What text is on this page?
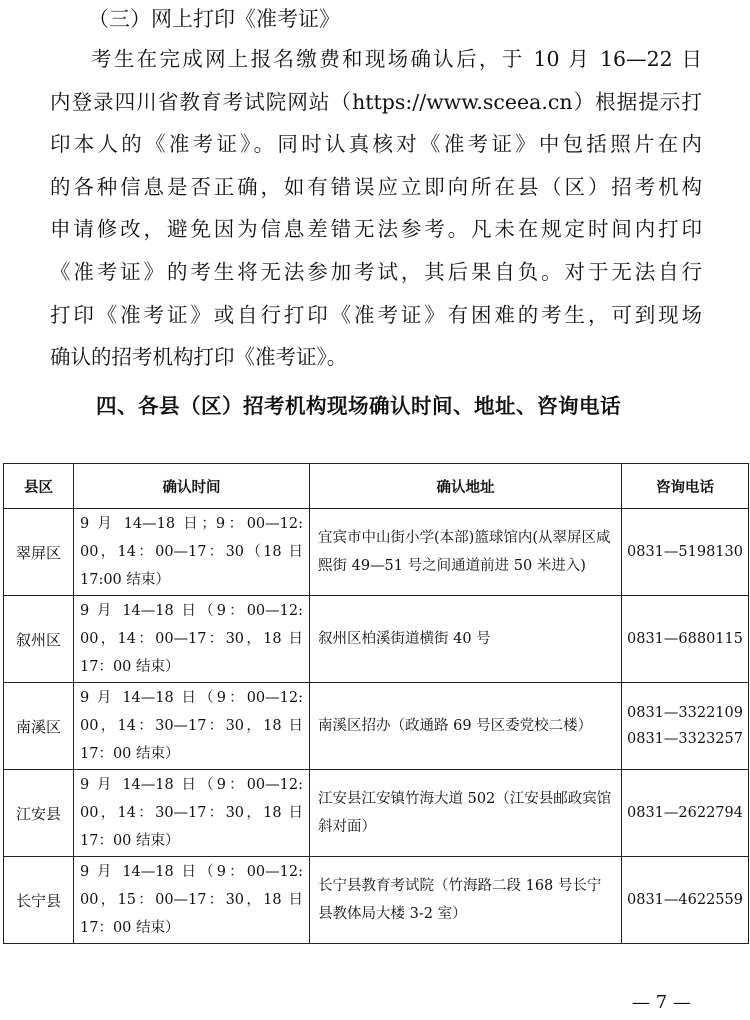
（三）网上打印《准考证》
考生在完成网上报名缴费和现场确认后，于 10 月 16—22 日
内登录四川省教育考试院网站（https://www.sceea.cn）根据提示打
印本人的《准考证》。同时认真核对《准考证》中包括照片在内
的各种信息是否正确，如有错误应立即向所在县（区）招考机构
申请修改，避免因为信息差错无法参考。凡未在规定时间内打印
《准考证》的考生将无法参加考试，其后果自负。对于无法自行
打印《准考证》或自行打印《准考证》有困难的考生，可到现场
确认的招考机构打印《准考证》。
四、各县（区）招考机构现场确认时间、地址、咨询电话
县区	确认时间	确认地址	咨询电话
翠屏区	9 月 14—18 日；9：00—12:
00，14：00—17：30（18 日
17:00 结束）	宜宾市中山街小学(本部)篮球馆内(从翠屏区咸熙街 49—51 号之间通道前进 50 米进入)	0831—5198130

叙州区	9 月 14—18 日（9：00—12:
00，14：00—17：30，18 日
17：00 结束）	叙州区柏溪街道横街 40 号	0831—6880115

南溪区	9 月 14—18 日（9：00—12:
00，14：30—17：30，18 日
17：00 结束）	南溪区招办（政通路 69 号区委党校二楼）	0831—3322109
0831—3323257

江安县	9 月 14—18 日（9：00—12:
00，14：30—17：30，18 日
17：00 结束）	江安县江安镇竹海大道 502（江安县邮政宾馆斜对面）	0831—2622794

长宁县	9 月 14—18 日（9：00—12:
00，15：00—17：30，18 日
17：00 结束）	长宁县教育考试院（竹海路二段 168 号长宁县教体局大楼 3-2 室）	0831—4622559
— 7 —
